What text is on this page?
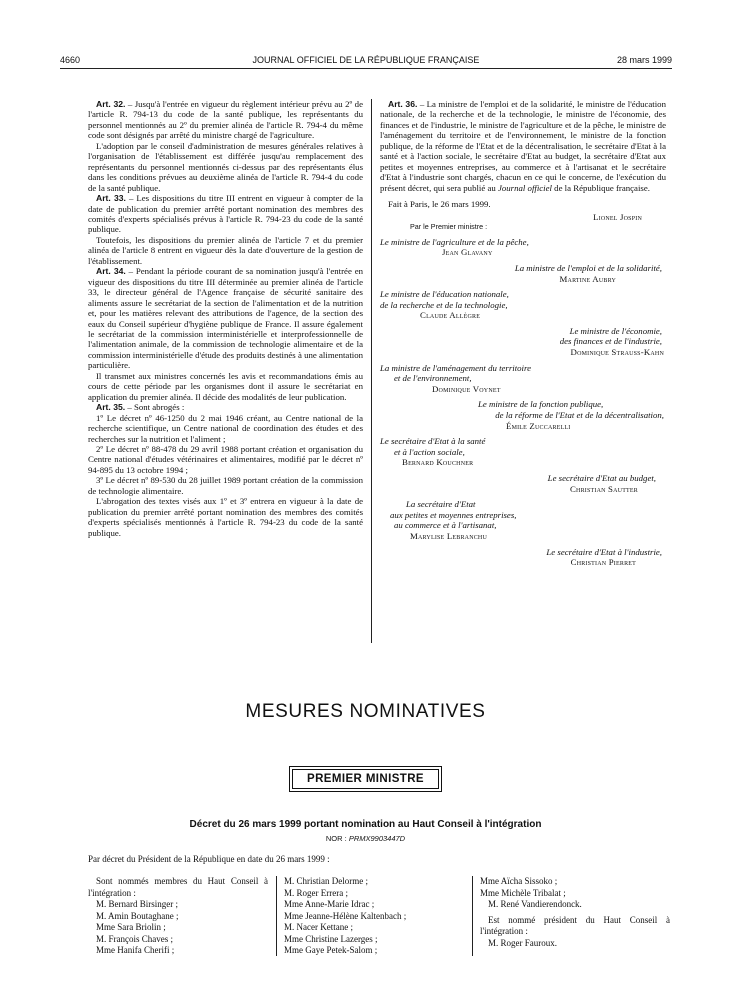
4660	JOURNAL OFFICIEL DE LA RÉPUBLIQUE FRANÇAISE	28 mars 1999

Art. 32. – Jusqu'à l'entrée en vigueur du règlement intérieur prévu au 2º de l'article R. 794-13 du code de la santé publique, les représentants du personnel mentionnés au 2º du premier alinéa de l'article R. 794-4 du même code sont désignés par arrêté du ministre chargé de l'agriculture.

L'adoption par le conseil d'administration de mesures générales relatives à l'organisation de l'établissement est différée jusqu'au remplacement des représentants du personnel mentionnés ci-dessus par des représentants élus dans les conditions prévues au deuxième alinéa de l'article R. 794-4 du code de la santé publique.

Art. 33. – Les dispositions du titre III entrent en vigueur à compter de la date de publication du premier arrêté portant nomination des membres des comités d'experts spécialisés prévus à l'article R. 794-23 du code de la santé publique.

Toutefois, les dispositions du premier alinéa de l'article 7 et du premier alinéa de l'article 8 entrent en vigueur dès la date d'ouverture de la gestion de l'établissement.

Art. 34. – Pendant la période courant de sa nomination jusqu'à l'entrée en vigueur des dispositions du titre III déterminée au premier alinéa de l'article 33, le directeur général de l'Agence française de sécurité sanitaire des aliments assure le secrétariat de la section de l'alimentation et de la nutrition et, pour les matières relevant des attributions de l'agence, de la section des eaux du Conseil supérieur d'hygiène publique de France. Il assure également le secrétariat de la commission interministérielle et interprofessionnelle de l'alimentation animale, de la commission de technologie alimentaire et de la commission interministérielle d'étude des produits destinés à une alimentation particulière.

Il transmet aux ministres concernés les avis et recommandations émis au cours de cette période par les organismes dont il assure le secrétariat en application du premier alinéa. Il décide des modalités de leur publication.

Art. 35. – Sont abrogés :

1º Le décret nº 46-1250 du 2 mai 1946 créant, au Centre national de la recherche scientifique, un Centre national de coordination des études et des recherches sur la nutrition et l'aliment ;

2º Le décret nº 88-478 du 29 avril 1988 portant création et organisation du Centre national d'études vétérinaires et alimentaires, modifié par le décret nº 94-895 du 13 octobre 1994 ;

3º Le décret nº 89-530 du 28 juillet 1989 portant création de la commission de technologie alimentaire.

L'abrogation des textes visés aux 1º et 3º entrera en vigueur à la date de publication du premier arrêté portant nomination des membres des comités d'experts spécialisés mentionnés à l'article R. 794-23 du code de la santé publique.

Art. 36. – La ministre de l'emploi et de la solidarité, le ministre de l'éducation nationale, de la recherche et de la technologie, le ministre de l'économie, des finances et de l'industrie, le ministre de l'agriculture et de la pêche, le ministre de l'aménagement du territoire et de l'environnement, le ministre de la fonction publique, de la réforme de l'Etat et de la décentralisation, le secrétaire d'Etat à la santé et à l'action sociale, le secrétaire d'Etat au budget, la secrétaire d'Etat aux petites et moyennes entreprises, au commerce et à l'artisanat et le secrétaire d'Etat à l'industrie sont chargés, chacun en ce qui le concerne, de l'exécution du présent décret, qui sera publié au Journal officiel de la République française.

Fait à Paris, le 26 mars 1999.

Lionel Jospin

Par le Premier ministre :

Le ministre de l'agriculture et de la pêche,

Jean Glavany

La ministre de l'emploi et de la solidarité,

Martine Aubry

Le ministre de l'éducation nationale,

de la recherche et de la technologie,

Claude Allègre

Le ministre de l'économie,

des finances et de l'industrie,

Dominique Strauss-Kahn

La ministre de l'aménagement du territoire

et de l'environnement,

Dominique Voynet

Le ministre de la fonction publique,

de la réforme de l'Etat et de la décentralisation,

Émile Zuccarelli

Le secrétaire d'Etat à la santé

et à l'action sociale,

Bernard Kouchner

Le secrétaire d'Etat au budget,

Christian Sautter

La secrétaire d'Etat

aux petites et moyennes entreprises,

au commerce et à l'artisanat,

Marylise Lebranchu

Le secrétaire d'Etat à l'industrie,

Christian Pierret

MESURES NOMINATIVES
PREMIER MINISTRE
Décret du 26 mars 1999 portant nomination au Haut Conseil à l'intégration
NOR : PRMX9903447D
Par décret du Président de la République en date du 26 mars 1999 :
Sont nommés membres du Haut Conseil à l'intégration :
M. Bernard Birsinger ;
M. Amin Boutaghane ;
Mme Sara Briolin ;
M. François Chaves ;
Mme Hanifa Cherifi ;
M. Christian Delorme ;
M. Roger Errera ;
Mme Anne-Marie Idrac ;
Mme Jeanne-Hélène Kaltenbach ;
M. Nacer Kettane ;
Mme Christine Lazerges ;
Mme Gaye Petek-Salom ;
Mme Aïcha Sissoko ;
Mme Michèle Tribalat ;
M. René Vandierendonck.
Est nommé président du Haut Conseil à l'intégration :
M. Roger Fauroux.
